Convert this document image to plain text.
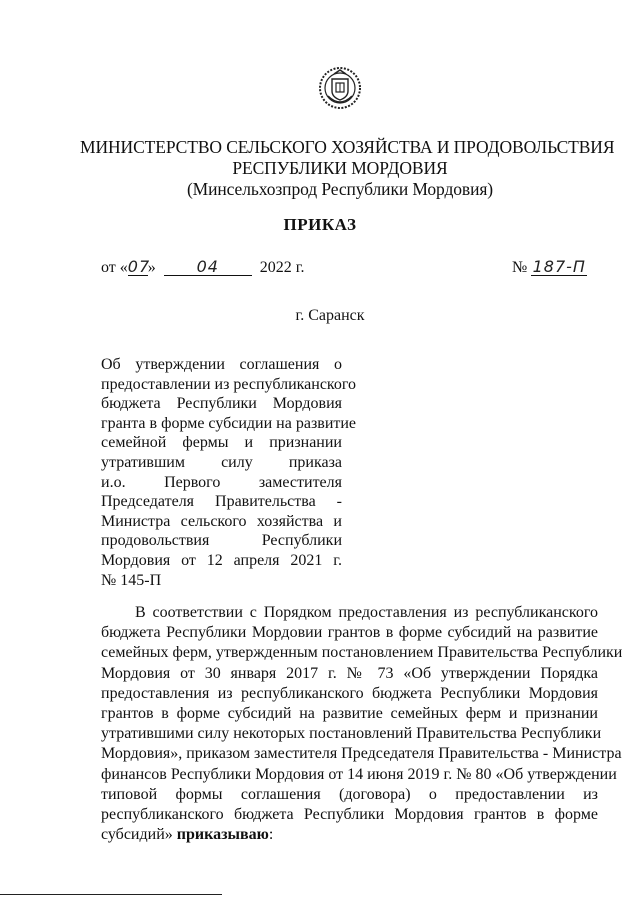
МИНИСТЕРСТВО СЕЛЬСКОГО ХОЗЯЙСТВА И ПРОДОВОЛЬСТВИЯ
РЕСПУБЛИКИ МОРДОВИЯ
(Минсельхозпрод Республики Мордовия)
ПРИКАЗ
от «07»	04	2022 г.	№ 187-П
г. Саранск
Об утверждении соглашения о
предоставлении из республиканского
бюджета Республики Мордовия
гранта в форме субсидии на развитие
семейной фермы и признании
утратившим силу приказа
и.о. Первого заместителя
Председателя Правительства -
Министра сельского хозяйства и
продовольствия Республики
Мордовия от 12 апреля 2021 г.
№ 145-П
В соответствии с Порядком предоставления из республиканского
бюджета Республики Мордовии грантов в форме субсидий на развитие
семейных ферм, утвержденным постановлением Правительства Республики
Мордовия от 30 января 2017 г. № 73 «Об утверждении Порядка
предоставления из республиканского бюджета Республики Мордовия
грантов в форме субсидий на развитие семейных ферм и признании
утратившими силу некоторых постановлений Правительства Республики
Мордовия», приказом заместителя Председателя Правительства - Министра
финансов Республики Мордовия от 14 июня 2019 г. № 80 «Об утверждении
типовой формы соглашения (договора) о предоставлении из
республиканского бюджета Республики Мордовия грантов в форме
субсидий» приказываю:
